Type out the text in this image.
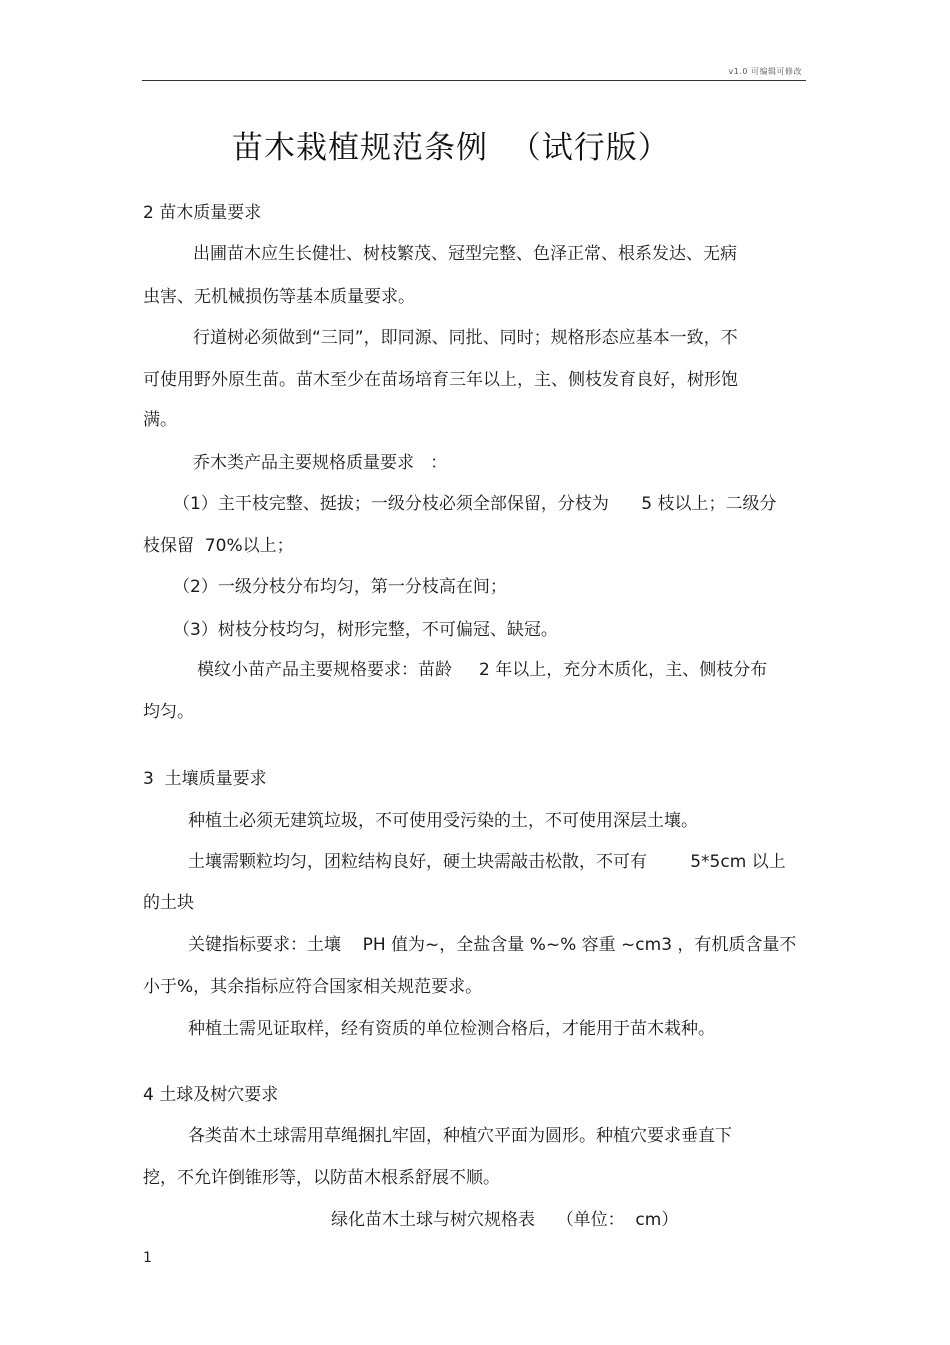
v1.0 可编辑可修改
苗木栽植规范条例  （试行版）
2 苗木质量要求
出圃苗木应生长健壮、树枝繁茂、冠型完整、色泽正常、根系发达、无病
虫害、无机械损伤等基本质量要求。
行道树必须做到“三同”，即同源、同批、同时；规格形态应基本一致，不
可使用野外原生苗。苗木至少在苗场培育三年以上，主、侧枝发育良好，树形饱
满。
乔木类产品主要规格质量要求   ：
（1）主干枝完整、挺拔；一级分枝必须全部保留，分枝为      5 枝以上；二级分
枝保留  70%以上；
（2）一级分枝分布均匀，第一分枝高在间；
（3）树枝分枝均匀，树形完整，不可偏冠、缺冠。
模纹小苗产品主要规格要求：苗龄     2 年以上，充分木质化，主、侧枝分布
均匀。
3  土壤质量要求
种植土必须无建筑垃圾，不可使用受污染的土，不可使用深层土壤。
土壤需颗粒均匀，团粒结构良好，硬土块需敲击松散，不可有        5*5cm 以上
的土块
关键指标要求：土壤    PH 值为~，全盐含量 %~% 容重 ~cm3 ，有机质含量不
小于%，其余指标应符合国家相关规范要求。
种植土需见证取样，经有资质的单位检测合格后，才能用于苗木栽种。
4 土球及树穴要求
各类苗木土球需用草绳捆扎牢固，种植穴平面为圆形。种植穴要求垂直下
挖，不允许倒锥形等，以防苗木根系舒展不顺。
绿化苗木土球与树穴规格表    （单位：  cm）
1
